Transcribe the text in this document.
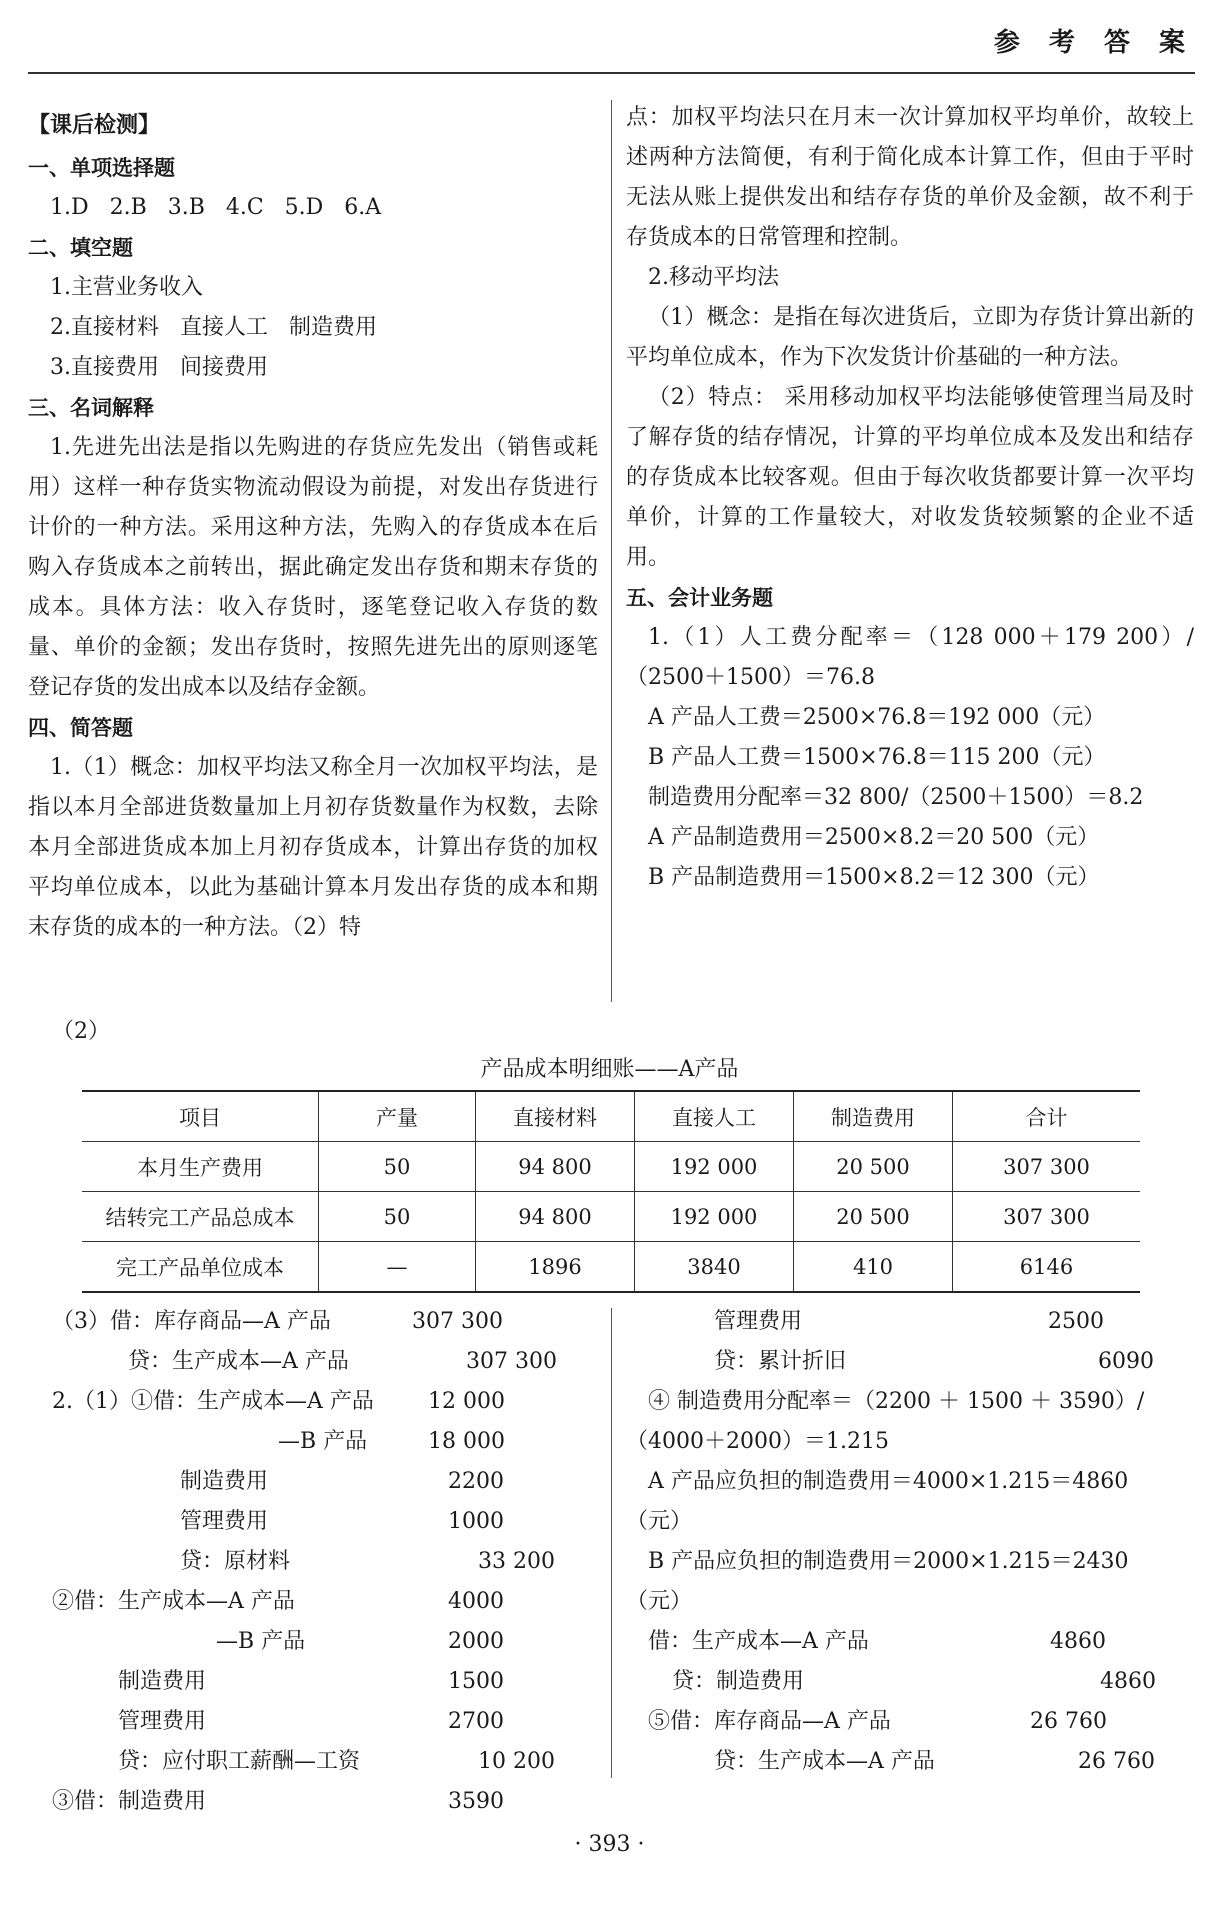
参 考 答 案
【课后检测】
一、单项选择题
1.D   2.B   3.B   4.C   5.D   6.A
二、填空题
1.主营业务收入
2.直接材料   直接人工   制造费用
3.直接费用   间接费用
三、名词解释
1.先进先出法是指以先购进的存货应先发出（销售或耗用）这样一种存货实物流动假设为前提，对发出存货进行计价的一种方法。采用这种方法，先购入的存货成本在后购入存货成本之前转出，据此确定发出存货和期末存货的成本。具体方法：收入存货时，逐笔登记收入存货的数量、单价的金额；发出存货时，按照先进先出的原则逐笔登记存货的发出成本以及结存金额。
四、简答题
1.（1）概念：加权平均法又称全月一次加权平均法，是指以本月全部进货数量加上月初存货数量作为权数，去除本月全部进货成本加上月初存货成本，计算出存货的加权平均单位成本，以此为基础计算本月发出存货的成本和期末存货的成本的一种方法。（2）特
点：加权平均法只在月末一次计算加权平均单价，故较上述两种方法简便，有利于简化成本计算工作，但由于平时无法从账上提供发出和结存存货的单价及金额，故不利于存货成本的日常管理和控制。
2.移动平均法
（1）概念：是指在每次进货后，立即为存货计算出新的平均单位成本，作为下次发货计价基础的一种方法。
（2）特点： 采用移动加权平均法能够使管理当局及时了解存货的结存情况，计算的平均单位成本及发出和结存的存货成本比较客观。但由于每次收货都要计算一次平均单价，计算的工作量较大，对收发货较频繁的企业不适用。
五、会计业务题
1.（1）人工费分配率＝（128 000＋179 200）/（2500＋1500）＝76.8
A 产品人工费＝2500×76.8＝192 000（元）
B 产品人工费＝1500×76.8＝115 200（元）
制造费用分配率＝32 800/（2500＋1500）＝8.2
A 产品制造费用＝2500×8.2＝20 500（元）
B 产品制造费用＝1500×8.2＝12 300（元）
（2）
产品成本明细账——A产品
项目	产量	直接材料	直接人工	制造费用	合计
本月生产费用	50	94 800	192 000	20 500	307 300
结转完工产品总成本	50	94 800	192 000	20 500	307 300
完工产品单位成本	—	1896	3840	410	6146
（3）借：库存商品—A 产品	307 300
贷：生产成本—A 产品	307 300
2.（1）①借：生产成本—A 产品 12 000
—B 产品	18 000
制造费用	2200
管理费用	1000
贷：原材料	33 200
②借：生产成本—A 产品	4000
—B 产品	2000
制造费用	1500
管理费用	2700
贷：应付职工薪酬—工资	10 200
③借：制造费用	3590
管理费用	2500
贷：累计折旧	6090
④ 制造费用分配率＝（2200 ＋ 1500 ＋ 3590）/
（4000＋2000）＝1.215
A 产品应负担的制造费用＝4000×1.215＝4860
（元）
B 产品应负担的制造费用＝2000×1.215＝2430
（元）
借：生产成本—A 产品	4860
贷：制造费用	4860
⑤借：库存商品—A 产品	26 760
贷：生产成本—A 产品	26 760
· 393 ·
